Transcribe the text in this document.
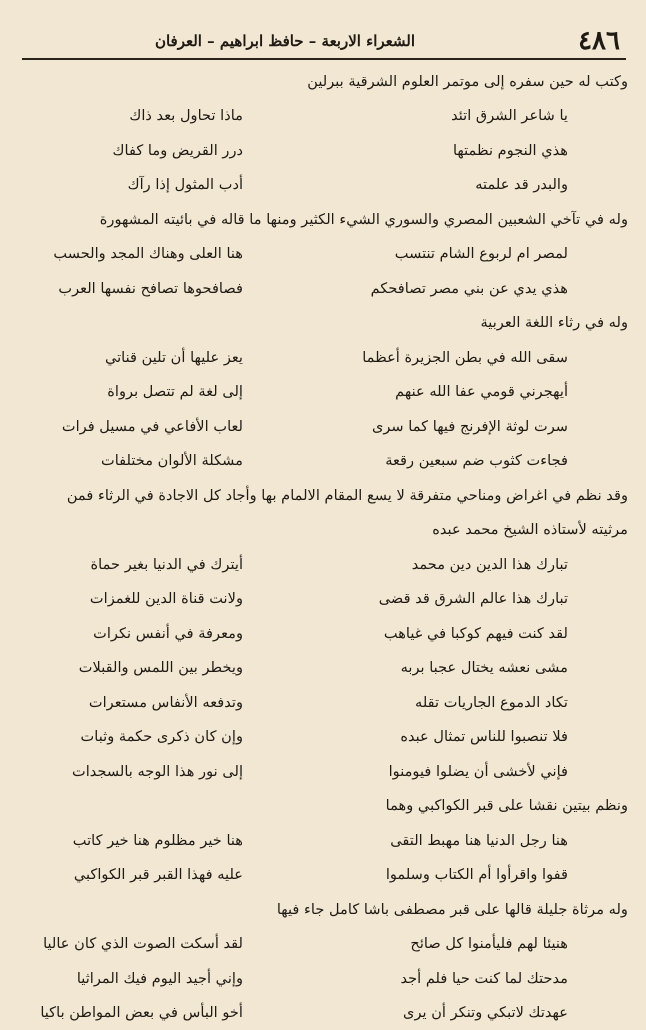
٤٨٦
الشعراء الاربعة – حافظ ابراهيم – العرفان
وكتب له حين سفره إلى موتمر العلوم الشرقية ببرلين
يا شاعر الشرق اتئد
ماذا تحاول بعد ذاك
هذي النجوم نظمتها
درر القريض وما كفاك
والبدر قد علمته
أدب المثول إذا رآك
وله في تآخي الشعبين المصري والسوري الشيء الكثير ومنها ما قاله في بائيته المشهورة
لمصر ام لربوع الشام تنتسب
هنا العلى وهناك المجد والحسب
هذي يدي عن بني مصر تصافحكم
فصافحوها تصافح نفسها العرب
وله في رثاء اللغة العربية
سقى الله في بطن الجزيرة أعظما
يعز عليها أن تلين قناتي
أيهجرني قومي عفا الله عنهم
إلى لغة لم تتصل برواة
سرت لوثة الإفرنج فيها كما سرى
لعاب الأفاعي في مسيل فرات
فجاءت كثوب ضم سبعين رقعة
مشكلة الألوان مختلفات
وقد نظم في اغراض ومناحي متفرقة لا يسع المقام الالمام بها وأجاد كل الاجادة في الرثاء فمن
مرثيته لأستاذه الشيخ محمد عبده
تبارك هذا الدين دين محمد
أيترك في الدنيا بغير حماة
تبارك هذا عالم الشرق قد قضى
ولانت قناة الدين للغمزات
لقد كنت فيهم كوكبا في غياهب
ومعرفة في أنفس نكرات
مشى نعشه يختال عجبا بربه
ويخطر بين اللمس والقبلات
تكاد الدموع الجاريات تقله
وتدفعه الأنفاس مستعرات
فلا تنصبوا للناس تمثال عبده
وإن كان ذكرى حكمة وثبات
فإني لأخشى أن يضلوا فيومنوا
إلى نور هذا الوجه بالسجدات
ونظم بيتين نقشا على قبر الكواكبي وهما
هنا رجل الدنيا هنا مهبط التقى
هنا خير مظلوم هنا خير كاتب
قفوا واقرأوا أم الكتاب وسلموا
عليه فهذا القبر قبر الكواكبي
وله مرثاة جليلة قالها على قبر مصطفى باشا كامل جاء فيها
هنيئا لهم فليأمنوا كل صائح
لقد أسكت الصوت الذي كان عاليا
مدحتك لما كنت حيا فلم أجد
وإني أجيد اليوم فيك المراثيا
عهدتك لاتبكي وتنكر أن يرى
أخو البأس في بعض المواطن باكيا
